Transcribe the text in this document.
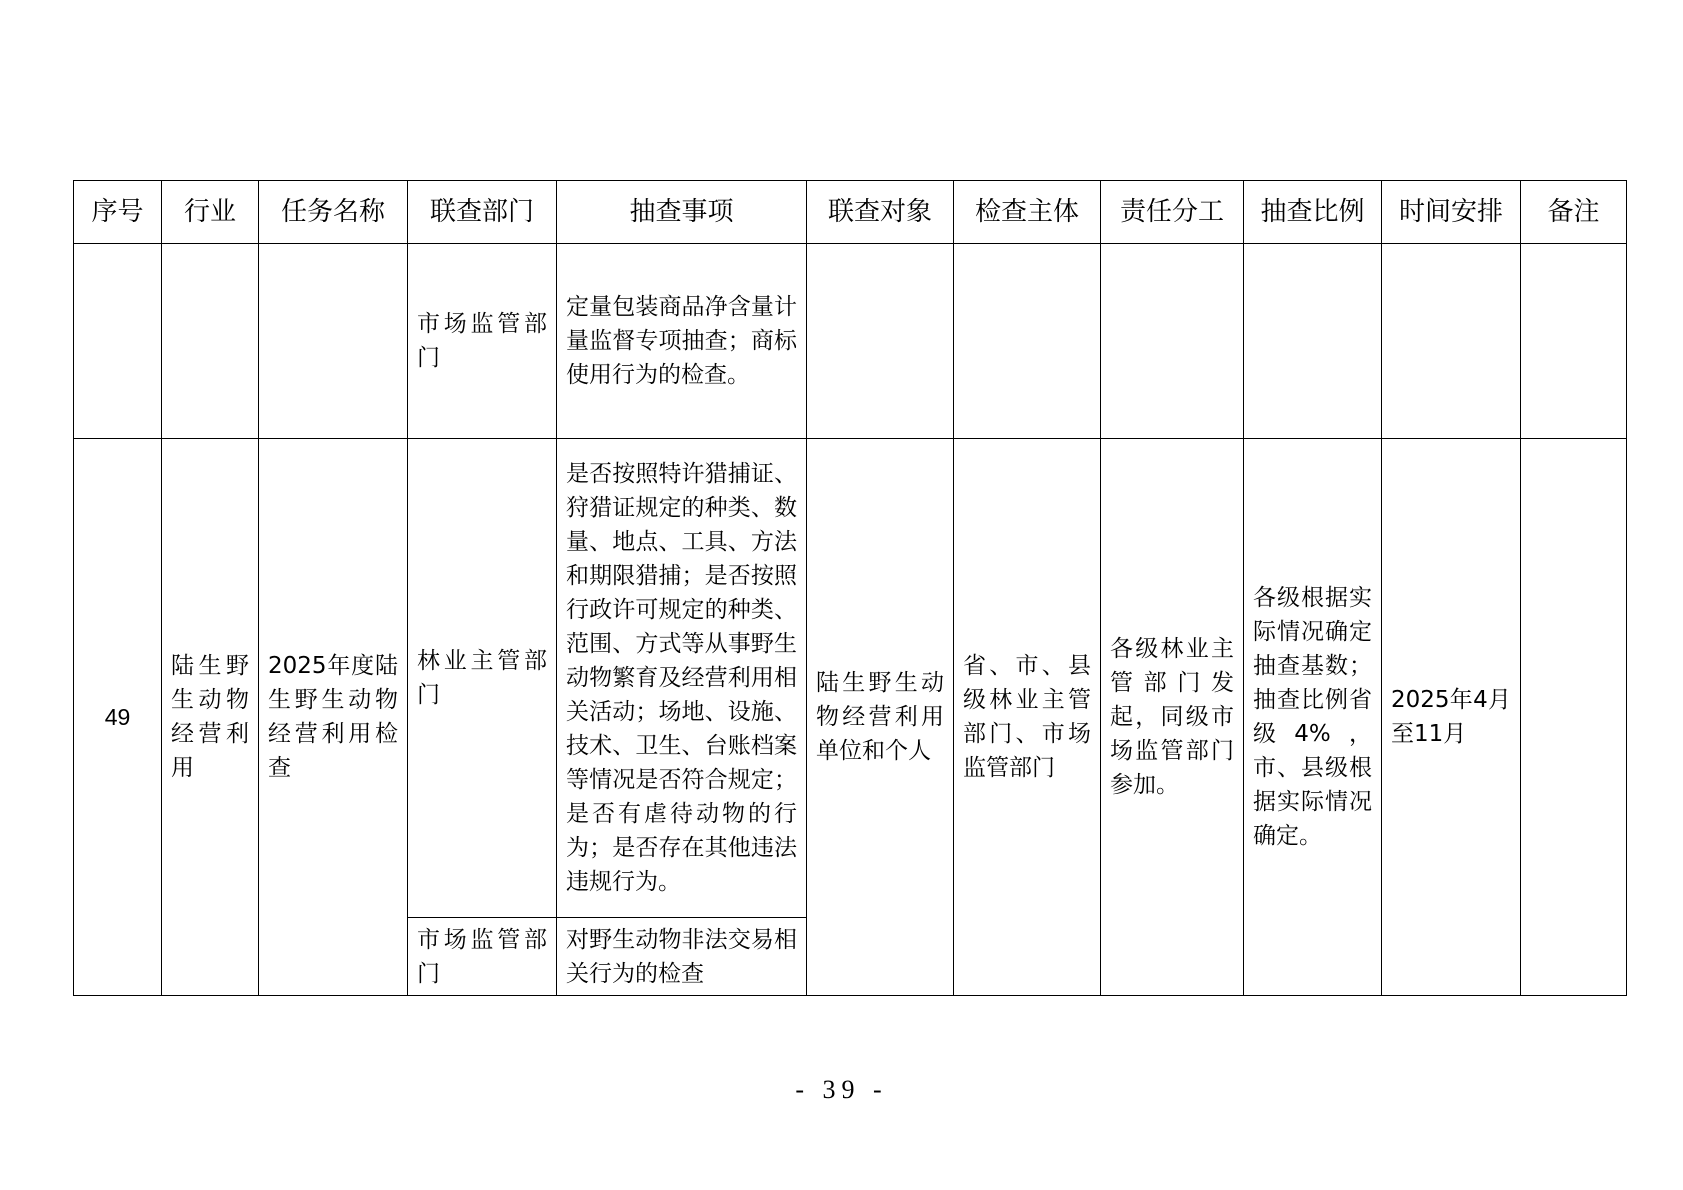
序号	行业	任务名称	联查部门	抽查事项	联查对象	检查主体	责任分工	抽查比例	时间安排	备注
			市场监管部门	定量包装商品净含量计量监督专项抽查；商标使用行为的检查。						
49	陆生野生动物经营利用	2025年度陆生野生动物经营利用检查	林业主管部门	是否按照特许猎捕证、狩猎证规定的种类、数量、地点、工具、方法和期限猎捕；是否按照行政许可规定的种类、范围、方式等从事野生动物繁育及经营利用相关活动；场地、设施、技术、卫生、台账档案等情况是否符合规定；是否有虐待动物的行为；是否存在其他违法违规行为。	陆生野生动物经营利用单位和个人	省、市、县级林业主管部门、市场监管部门	各级林业主管部门发起，同级市场监管部门参加。	各级根据实际情况确定抽查基数；抽查比例省级4%，市、县级根据实际情况确定。	2025年4月至11月	
			市场监管部门	对野生动物非法交易相关行为的检查						
- 39 -
